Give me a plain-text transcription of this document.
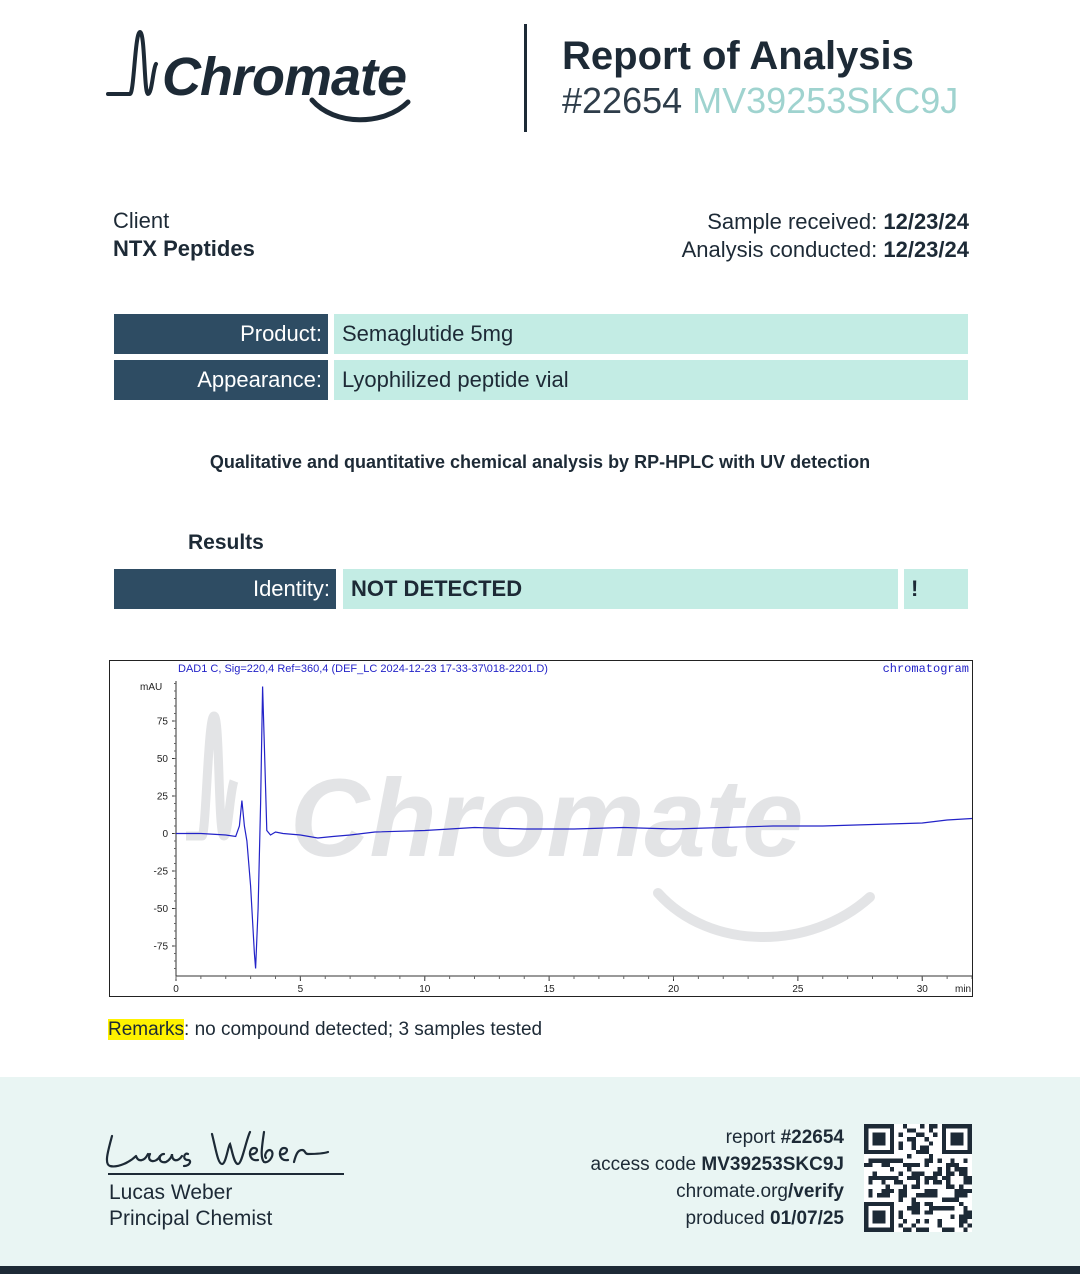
Chromate	Report of Analysis
#22654 MV39253SKC9J
Client
NTX Peptides
Sample received: 12/23/24
Analysis conducted: 12/23/24
Product: Semaglutide 5mg
Appearance: Lyophilized peptide vial
Qualitative and quantitative chemical analysis by RP-HPLC with UV detection
Results
Identity: NOT DETECTED	!
Chromate
DAD1 C, Sig=220,4 Ref=360,4 (DEF_LC 2024-12-23 17-33-37\018-2201.D)	chromatogram
mAU
-75
-50
-25
0
25
50
75
0	5	10	15	20	25	30	min
Remarks: no compound detected; 3 samples tested
Lucas Weber
Principal Chemist
report #22654
access code MV39253SKC9J
chromate.org/verify
produced 01/07/25
